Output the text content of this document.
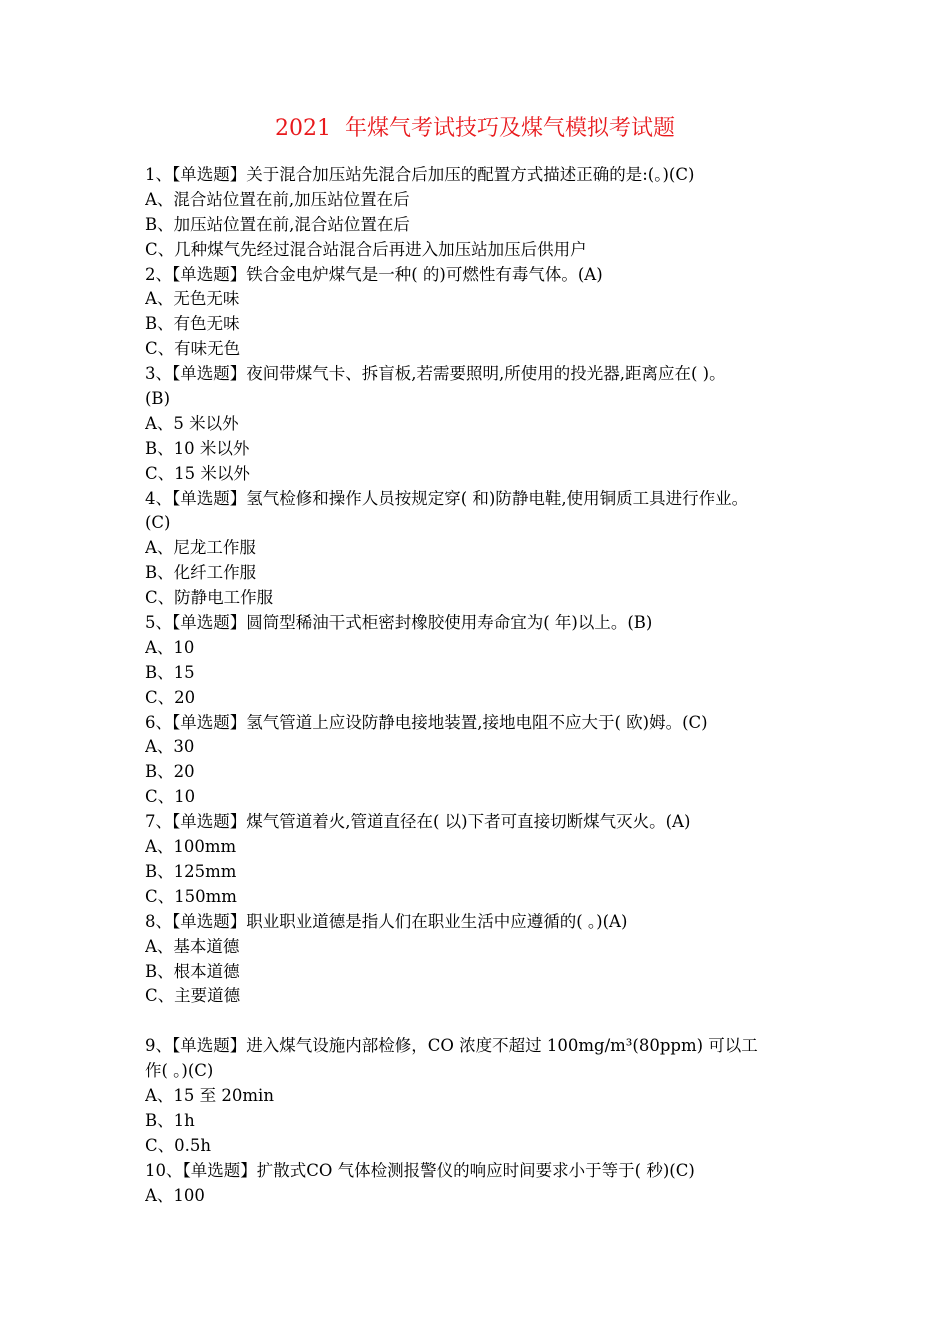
2021  年煤气考试技巧及煤气模拟考试题
1、【单选题】关于混合加压站先混合后加压的配置方式描述正确的是:(。)(C)
A、混合站位置在前,加压站位置在后
B、加压站位置在前,混合站位置在后
C、几种煤气先经过混合站混合后再进入加压站加压后供用户
2、【单选题】铁合金电炉煤气是一种( 的)可燃性有毒气体。(A)
A、无色无味
B、有色无味
C、有味无色
3、【单选题】夜间带煤气卡、拆盲板,若需要照明,所使用的投光器,距离应在( )。
(B)
A、5 米以外
B、10 米以外
C、15 米以外
4、【单选题】氢气检修和操作人员按规定穿( 和)防静电鞋,使用铜质工具进行作业。
(C)
A、尼龙工作服
B、化纤工作服
C、防静电工作服
5、【单选题】圆筒型稀油干式柜密封橡胶使用寿命宜为( 年)以上。(B)
A、10
B、15
C、20
6、【单选题】氢气管道上应设防静电接地装置,接地电阻不应大于( 欧)姆。(C)
A、30
B、20
C、10
7、【单选题】煤气管道着火,管道直径在( 以)下者可直接切断煤气灭火。(A)
A、100mm
B、125mm
C、150mm
8、【单选题】职业职业道德是指人们在职业生活中应遵循的( 。)(A)
A、基本道德
B、根本道德
C、主要道德
9、【单选题】进入煤气设施内部检修，CO 浓度不超过 100mg/m³(80ppm) 可以工
作( 。)(C)
A、15 至 20min
B、1h
C、0.5h
10、【单选题】扩散式CO 气体检测报警仪的响应时间要求小于等于( 秒)(C)
A、100
